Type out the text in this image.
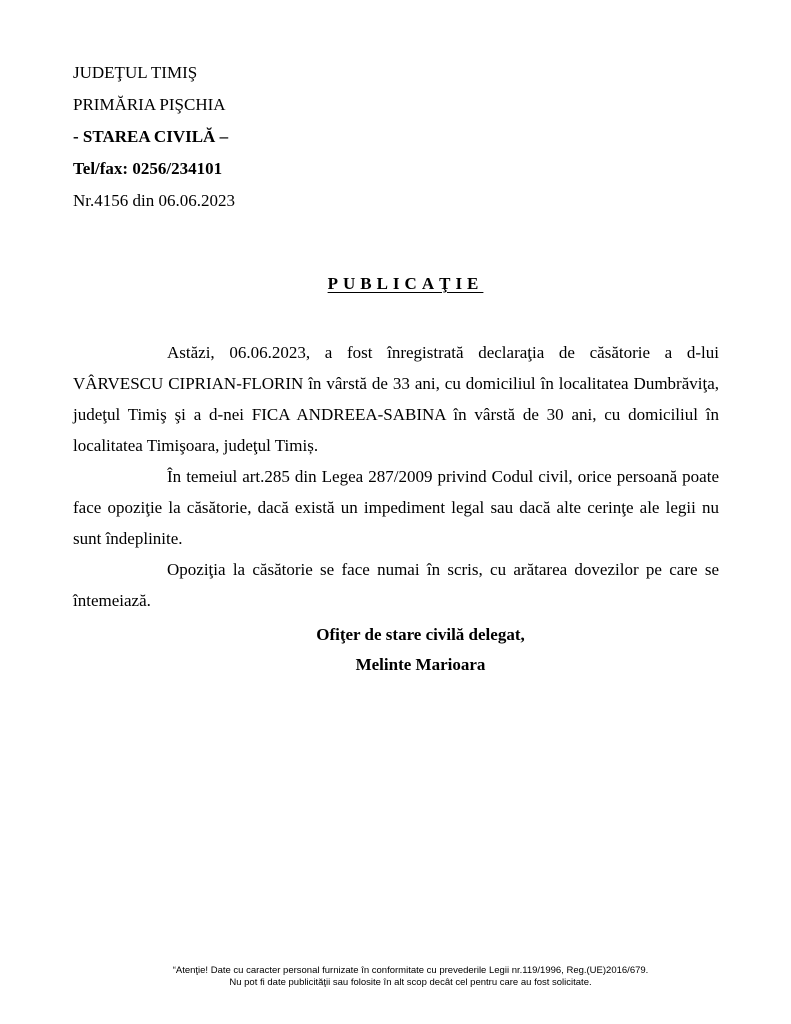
JUDEŢUL TIMIŞ
PRIMĂRIA PIŞCHIA
- STAREA CIVILĂ –
Tel/fax: 0256/234101
Nr.4156 din 06.06.2023
PUBLICAŢIE

Astăzi, 06.06.2023, a fost înregistrată declaraţia de căsătorie a d-lui VÂRVESCU CIPRIAN-FLORIN în vârstă de 33 ani, cu domiciliul în localitatea Dumbrăviţa, judeţul Timiş şi a d-nei FICA ANDREEA-SABINA în vârstă de 30 ani, cu domiciliul în localitatea Timişoara, judeţul Timiș.

În temeiul art.285 din Legea 287/2009 privind Codul civil, orice persoană poate face opoziţie la căsătorie, dacă există un impediment legal sau dacă alte cerinţe ale legii nu sunt îndeplinite.

Opoziţia la căsătorie se face numai în scris, cu arătarea dovezilor pe care se întemeiază.

Ofiţer de stare civilă delegat,
Melinte Marioara
“Atenţie! Date cu caracter personal furnizate în conformitate cu prevederile Legii nr.119/1996, Reg.(UE)2016/679.
Nu pot fi date publicităţii sau folosite în alt scop decât cel pentru care au fost solicitate.
